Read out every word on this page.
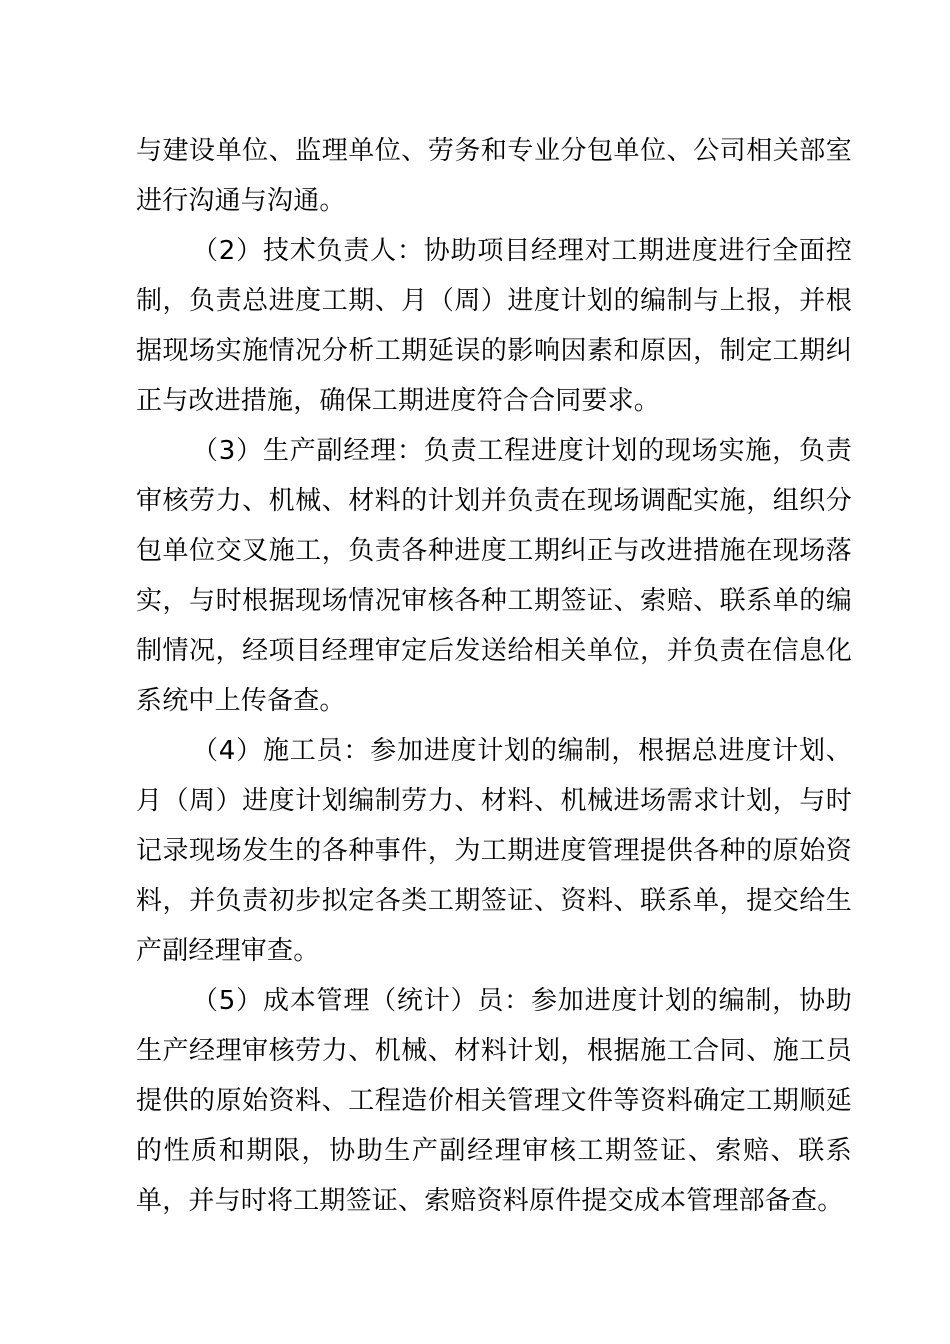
与建设单位、监理单位、劳务和专业分包单位、公司相关部室进行沟通与沟通。

（2）技术负责人：协助项目经理对工期进度进行全面控制，负责总进度工期、月（周）进度计划的编制与上报，并根据现场实施情况分析工期延误的影响因素和原因，制定工期纠正与改进措施，确保工期进度符合合同要求。

（3）生产副经理：负责工程进度计划的现场实施，负责审核劳力、机械、材料的计划并负责在现场调配实施，组织分包单位交叉施工，负责各种进度工期纠正与改进措施在现场落实，与时根据现场情况审核各种工期签证、索赔、联系单的编制情况，经项目经理审定后发送给相关单位，并负责在信息化系统中上传备查。

（4）施工员：参加进度计划的编制，根据总进度计划、月（周）进度计划编制劳力、材料、机械进场需求计划，与时记录现场发生的各种事件，为工期进度管理提供各种的原始资料，并负责初步拟定各类工期签证、资料、联系单，提交给生产副经理审查。

（5）成本管理（统计）员：参加进度计划的编制，协助生产经理审核劳力、机械、材料计划，根据施工合同、施工员提供的原始资料、工程造价相关管理文件等资料确定工期顺延的性质和期限，协助生产副经理审核工期签证、索赔、联系单，并与时将工期签证、索赔资料原件提交成本管理部备查。
